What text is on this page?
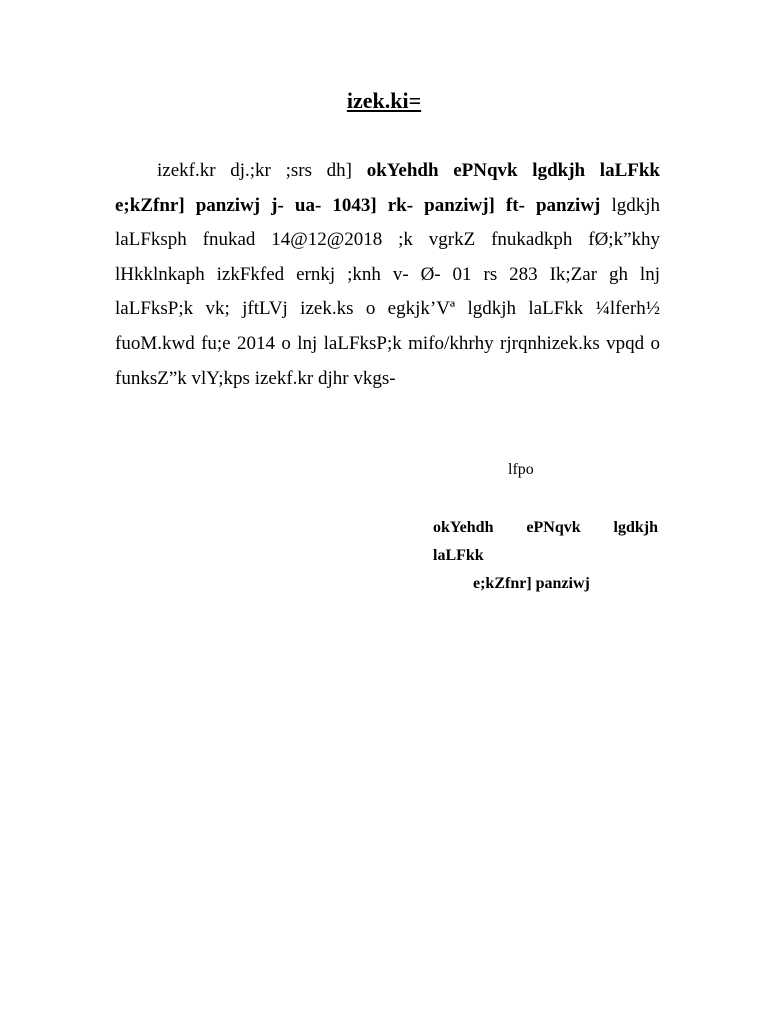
izek.ki=

izekf.kr dj.;kr ;srs dh] okYehdh ePNqvk lgdkjh laLFkk e;kZfnr] panziwj j- ua- 1043] rk- panziwj] ft- panziwj lgdkjh laLFksph fnukad 14@12@2018 ;k vgrkZ fnukadkph fØ;k”khy lHkklnkaph izkFkfed ernkj ;knh v- Ø- 01 rs 283 Ik;Zar gh lnj laLFksP;k vk; jftLVj izek.ks o egkjk’Vª lgdkjh laLFkk ¼lferh½ fuoM.kwd fu;e 2014 o lnj laLFksP;k mifo/khrhy rjrqnhizek.ks vpqd o funksZ”k vlY;kps izekf.kr djhr vkgs-

lfpo

okYehdh ePNqvk lgdkjh
laLFkk
e;kZfnr] panziwj
